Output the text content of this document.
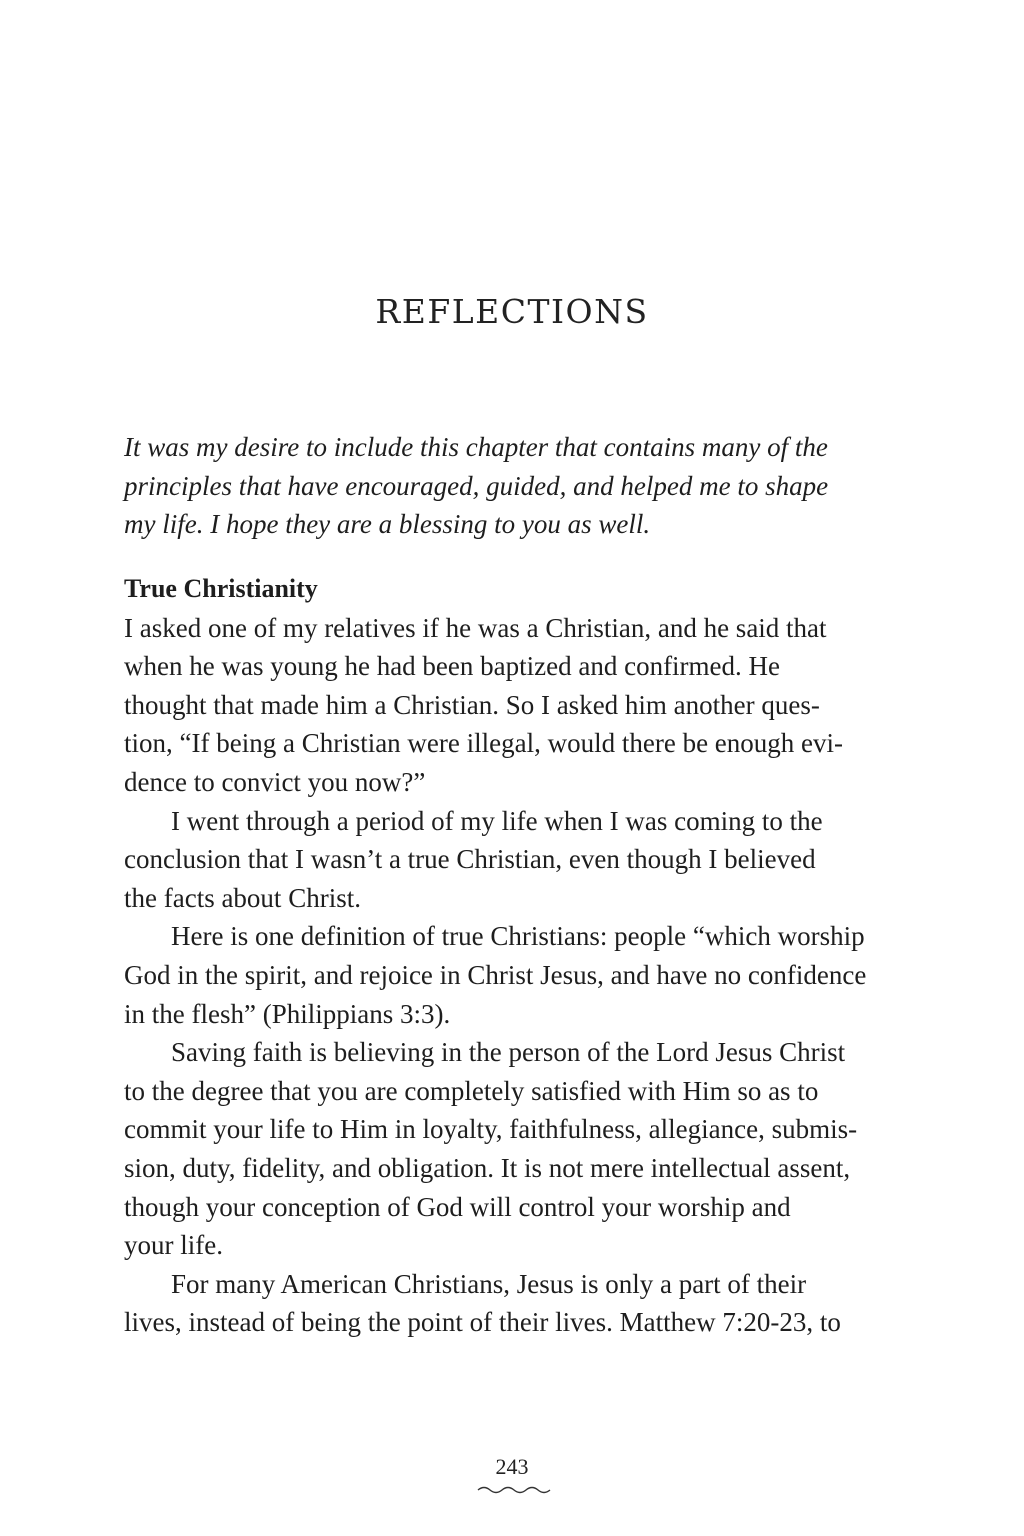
REFLECTIONS
It was my desire to include this chapter that contains many of the
principles that have encouraged, guided, and helped me to shape
my life. I hope they are a blessing to you as well.
True Christianity

I asked one of my relatives if he was a Christian, and he said that
when he was young he had been baptized and confirmed. He
thought that made him a Christian. So I asked him another ques-
tion, “If being a Christian were illegal, would there be enough evi-
dence to convict you now?”

I went through a period of my life when I was coming to the
conclusion that I wasn’t a true Christian, even though I believed
the facts about Christ.

Here is one definition of true Christians: people “which worship
God in the spirit, and rejoice in Christ Jesus, and have no confidence
in the flesh” (Philippians 3:3).

Saving faith is believing in the person of the Lord Jesus Christ
to the degree that you are completely satisfied with Him so as to
commit your life to Him in loyalty, faithfulness, allegiance, submis-
sion, duty, fidelity, and obligation. It is not mere intellectual assent,
though your conception of God will control your worship and
your life.

For many American Christians, Jesus is only a part of their
lives, instead of being the point of their lives. Matthew 7:20-23, to

243
